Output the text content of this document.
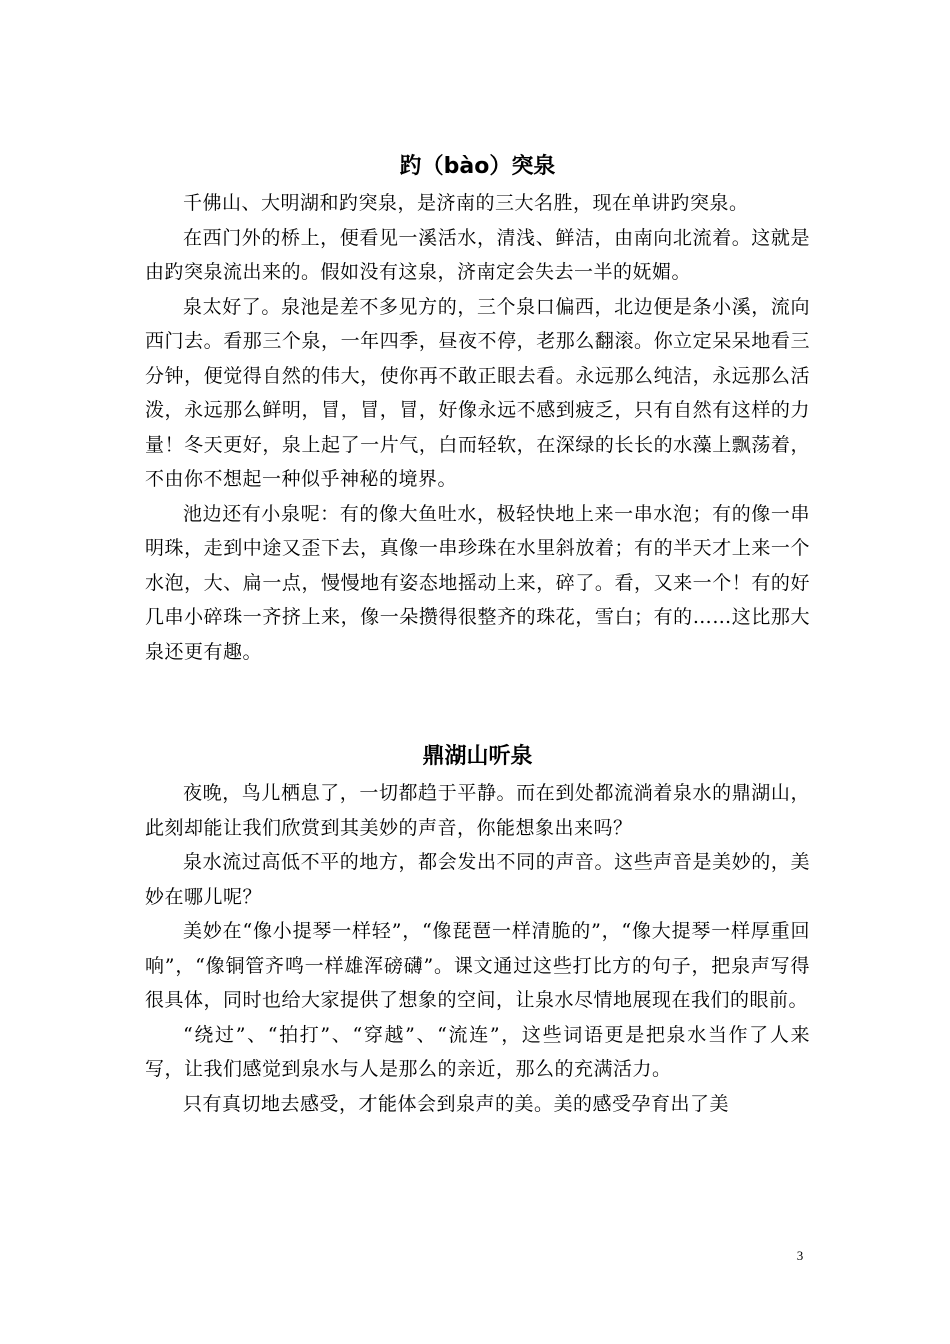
趵（bào）突泉

千佛山、大明湖和趵突泉，是济南的三大名胜，现在单讲趵突泉。

在西门外的桥上，便看见一溪活水，清浅、鲜洁，由南向北流着。这就是由趵突泉流出来的。假如没有这泉，济南定会失去一半的妩媚。

泉太好了。泉池是差不多见方的，三个泉口偏西，北边便是条小溪，流向西门去。看那三个泉，一年四季，昼夜不停，老那么翻滚。你立定呆呆地看三分钟，便觉得自然的伟大，使你再不敢正眼去看。永远那么纯洁，永远那么活泼，永远那么鲜明，冒，冒，冒，好像永远不感到疲乏，只有自然有这样的力量！冬天更好，泉上起了一片气，白而轻软，在深绿的长长的水藻上飘荡着，不由你不想起一种似乎神秘的境界。

池边还有小泉呢：有的像大鱼吐水，极轻快地上来一串水泡；有的像一串明珠，走到中途又歪下去，真像一串珍珠在水里斜放着；有的半天才上来一个水泡，大、扁一点，慢慢地有姿态地摇动上来，碎了。看，又来一个！有的好几串小碎珠一齐挤上来，像一朵攒得很整齐的珠花，雪白；有的……这比那大泉还更有趣。

鼎湖山听泉

夜晚，鸟儿栖息了，一切都趋于平静。而在到处都流淌着泉水的鼎湖山，此刻却能让我们欣赏到其美妙的声音，你能想象出来吗？

泉水流过高低不平的地方，都会发出不同的声音。这些声音是美妙的，美妙在哪儿呢？

美妙在“像小提琴一样轻”，“像琵琶一样清脆的”，“像大提琴一样厚重回响”，“像铜管齐鸣一样雄浑磅礴”。课文通过这些打比方的句子，把泉声写得很具体，同时也给大家提供了想象的空间，让泉水尽情地展现在我们的眼前。

“绕过”、“拍打”、“穿越”、“流连”，这些词语更是把泉水当作了人来写，让我们感觉到泉水与人是那么的亲近，那么的充满活力。

只有真切地去感受，才能体会到泉声的美。美的感受孕育出了美

3
